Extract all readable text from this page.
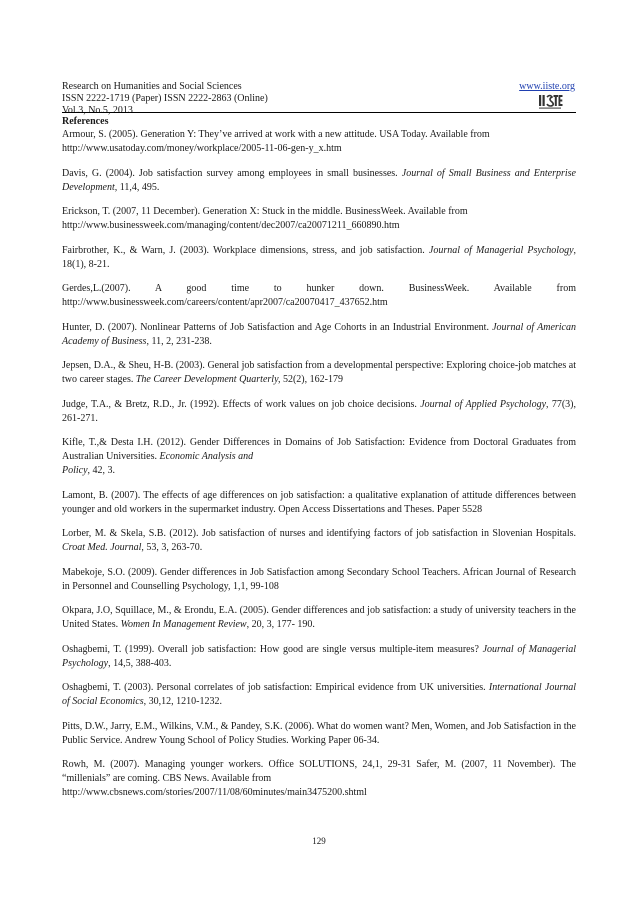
Research on Humanities and Social Sciences
ISSN 2222-1719 (Paper) ISSN 2222-2863 (Online)
Vol.3, No.5, 2013
www.iiste.org
References

Armour, S. (2005). Generation Y: They’ve arrived at work with a new attitude. USA Today. Available from
http://www.usatoday.com/money/workplace/2005-11-06-gen-y_x.htm

Davis, G. (2004). Job satisfaction survey among employees in small businesses. Journal of Small Business and Enterprise Development, 11,4, 495.

Erickson, T. (2007, 11 December). Generation X: Stuck in the middle. BusinessWeek. Available from
http://www.businessweek.com/managing/content/dec2007/ca20071211_660890.htm

Fairbrother, K., & Warn, J. (2003). Workplace dimensions, stress, and job satisfaction. Journal of Managerial Psychology, 18(1), 8-21.

Gerdes,L.(2007). A good time to hunker down. BusinessWeek. Available from
http://www.businessweek.com/careers/content/apr2007/ca20070417_437652.htm

Hunter, D. (2007). Nonlinear Patterns of Job Satisfaction and Age Cohorts in an Industrial Environment. Journal of American Academy of Business, 11, 2, 231-238.

Jepsen, D.A., & Sheu, H-B. (2003). General job satisfaction from a developmental perspective: Exploring choice-job matches at two career stages. The Career Development Quarterly, 52(2), 162-179

Judge, T.A., & Bretz, R.D., Jr. (1992). Effects of work values on job choice decisions. Journal of Applied Psychology, 77(3), 261-271.

Kifle, T.,& Desta I.H. (2012). Gender Differences in Domains of Job Satisfaction: Evidence from Doctoral Graduates from Australian Universities. Economic Analysis and
Policy, 42, 3.

Lamont, B. (2007). The effects of age differences on job satisfaction: a qualitative explanation of attitude differences between younger and old workers in the supermarket industry. Open Access Dissertations and Theses. Paper 5528

Lorber, M. & Skela, S.B. (2012). Job satisfaction of nurses and identifying factors of job satisfaction in Slovenian Hospitals. Croat Med. Journal, 53, 3, 263-70.

Mabekoje, S.O. (2009). Gender differences in Job Satisfaction among Secondary School Teachers. African Journal of Research in Personnel and Counselling Psychology, 1,1, 99-108

Okpara, J.O, Squillace, M., & Erondu, E.A. (2005). Gender differences and job satisfaction: a study of university teachers in the United States. Women In Management Review, 20, 3, 177- 190.

Oshagbemi, T. (1999). Overall job satisfaction: How good are single versus multiple-item measures? Journal of Managerial Psychology, 14,5, 388-403.

Oshagbemi, T. (2003). Personal correlates of job satisfaction: Empirical evidence from UK universities. International Journal of Social Economics, 30,12, 1210-1232.

Pitts, D.W., Jarry, E.M., Wilkins, V.M., & Pandey, S.K. (2006). What do women want? Men, Women, and Job Satisfaction in the Public Service. Andrew Young School of Policy Studies. Working Paper 06-34.

Rowh, M. (2007). Managing younger workers. Office SOLUTIONS, 24,1, 29-31 Safer, M. (2007, 11 November). The “millenials” are coming. CBS News. Available from
http://www.cbsnews.com/stories/2007/11/08/60minutes/main3475200.shtml

129
